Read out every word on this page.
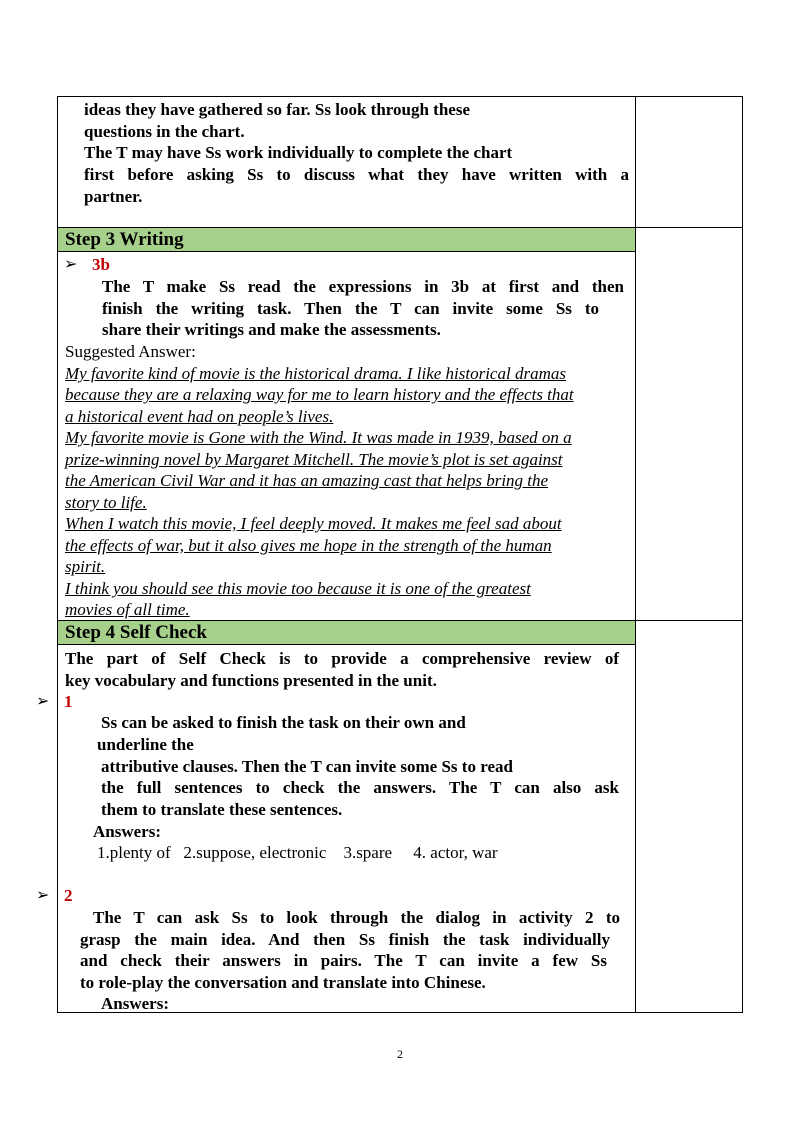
ideas they have gathered so far. Ss look through these
questions in the chart.
The T may have Ss work individually to complete the chart
first before asking Ss to discuss what they have written with a
partner.
Step 3 Writing
➢ 3b
The T make Ss read the expressions in 3b at first and then
finish the writing task. Then the T can invite some Ss to
share their writings and make the assessments.
Suggested Answer:
My favorite kind of movie is the historical drama. I like historical dramas
because they are a relaxing way for me to learn history and the effects that
a historical event had on people’s lives.
My favorite movie is Gone with the Wind. It was made in 1939, based on a
prize-winning novel by Margaret Mitchell. The movie’s plot is set against
the American Civil War and it has an amazing cast that helps bring the
story to life.
When I watch this movie, I feel deeply moved. It makes me feel sad about
the effects of war, but it also gives me hope in the strength of the human
spirit.
I think you should see this movie too because it is one of the greatest
movies of all time.
Step 4 Self Check
The part of Self Check is to provide a comprehensive review of
key vocabulary and functions presented in the unit.
➢ 1
Ss can be asked to finish the task on their own and
underline the
attributive clauses. Then the T can invite some Ss to read
the full sentences to check the answers. The T can also ask
them to translate these sentences.
Answers:
1.plenty of   2.suppose, electronic    3.spare     4. actor, war
➢ 2
The T can ask Ss to look through the dialog in activity 2 to
grasp the main idea. And then Ss finish the task individually
and check their answers in pairs. The T can invite a few Ss
to role-play the conversation and translate into Chinese.
Answers:
2
